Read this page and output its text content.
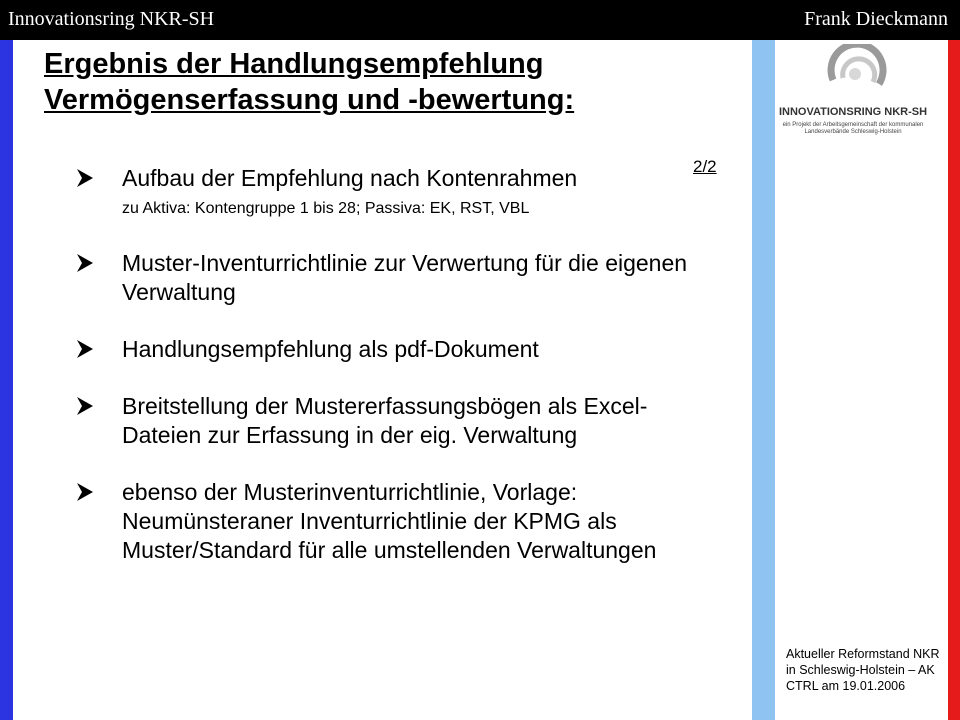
Innovationsring NKR-SH	Frank Dieckmann
Ergebnis der Handlungsempfehlung
Vermögenserfassung und -bewertung:
2/2
INNOVATIONSRING NKR-SH
ein Projekt der Arbeitsgemeinschaft der kommunalen Landesverbände Schleswig-Holstein
Aufbau der Empfehlung nach Kontenrahmen
zu Aktiva: Kontengruppe 1 bis 28; Passiva: EK, RST, VBL
Muster-Inventurrichtlinie zur Verwertung für die eigenen Verwaltung
Handlungsempfehlung als pdf-Dokument
Breitstellung der Mustererfassungsbögen als Excel-Dateien zur Erfassung in der eig. Verwaltung
ebenso der Musterinventurrichtlinie, Vorlage: Neumünsteraner Inventurrichtlinie der KPMG als Muster/Standard für alle umstellenden Verwaltungen
Aktueller Reformstand NKR in Schleswig-Holstein – AK CTRL am 19.01.2006
